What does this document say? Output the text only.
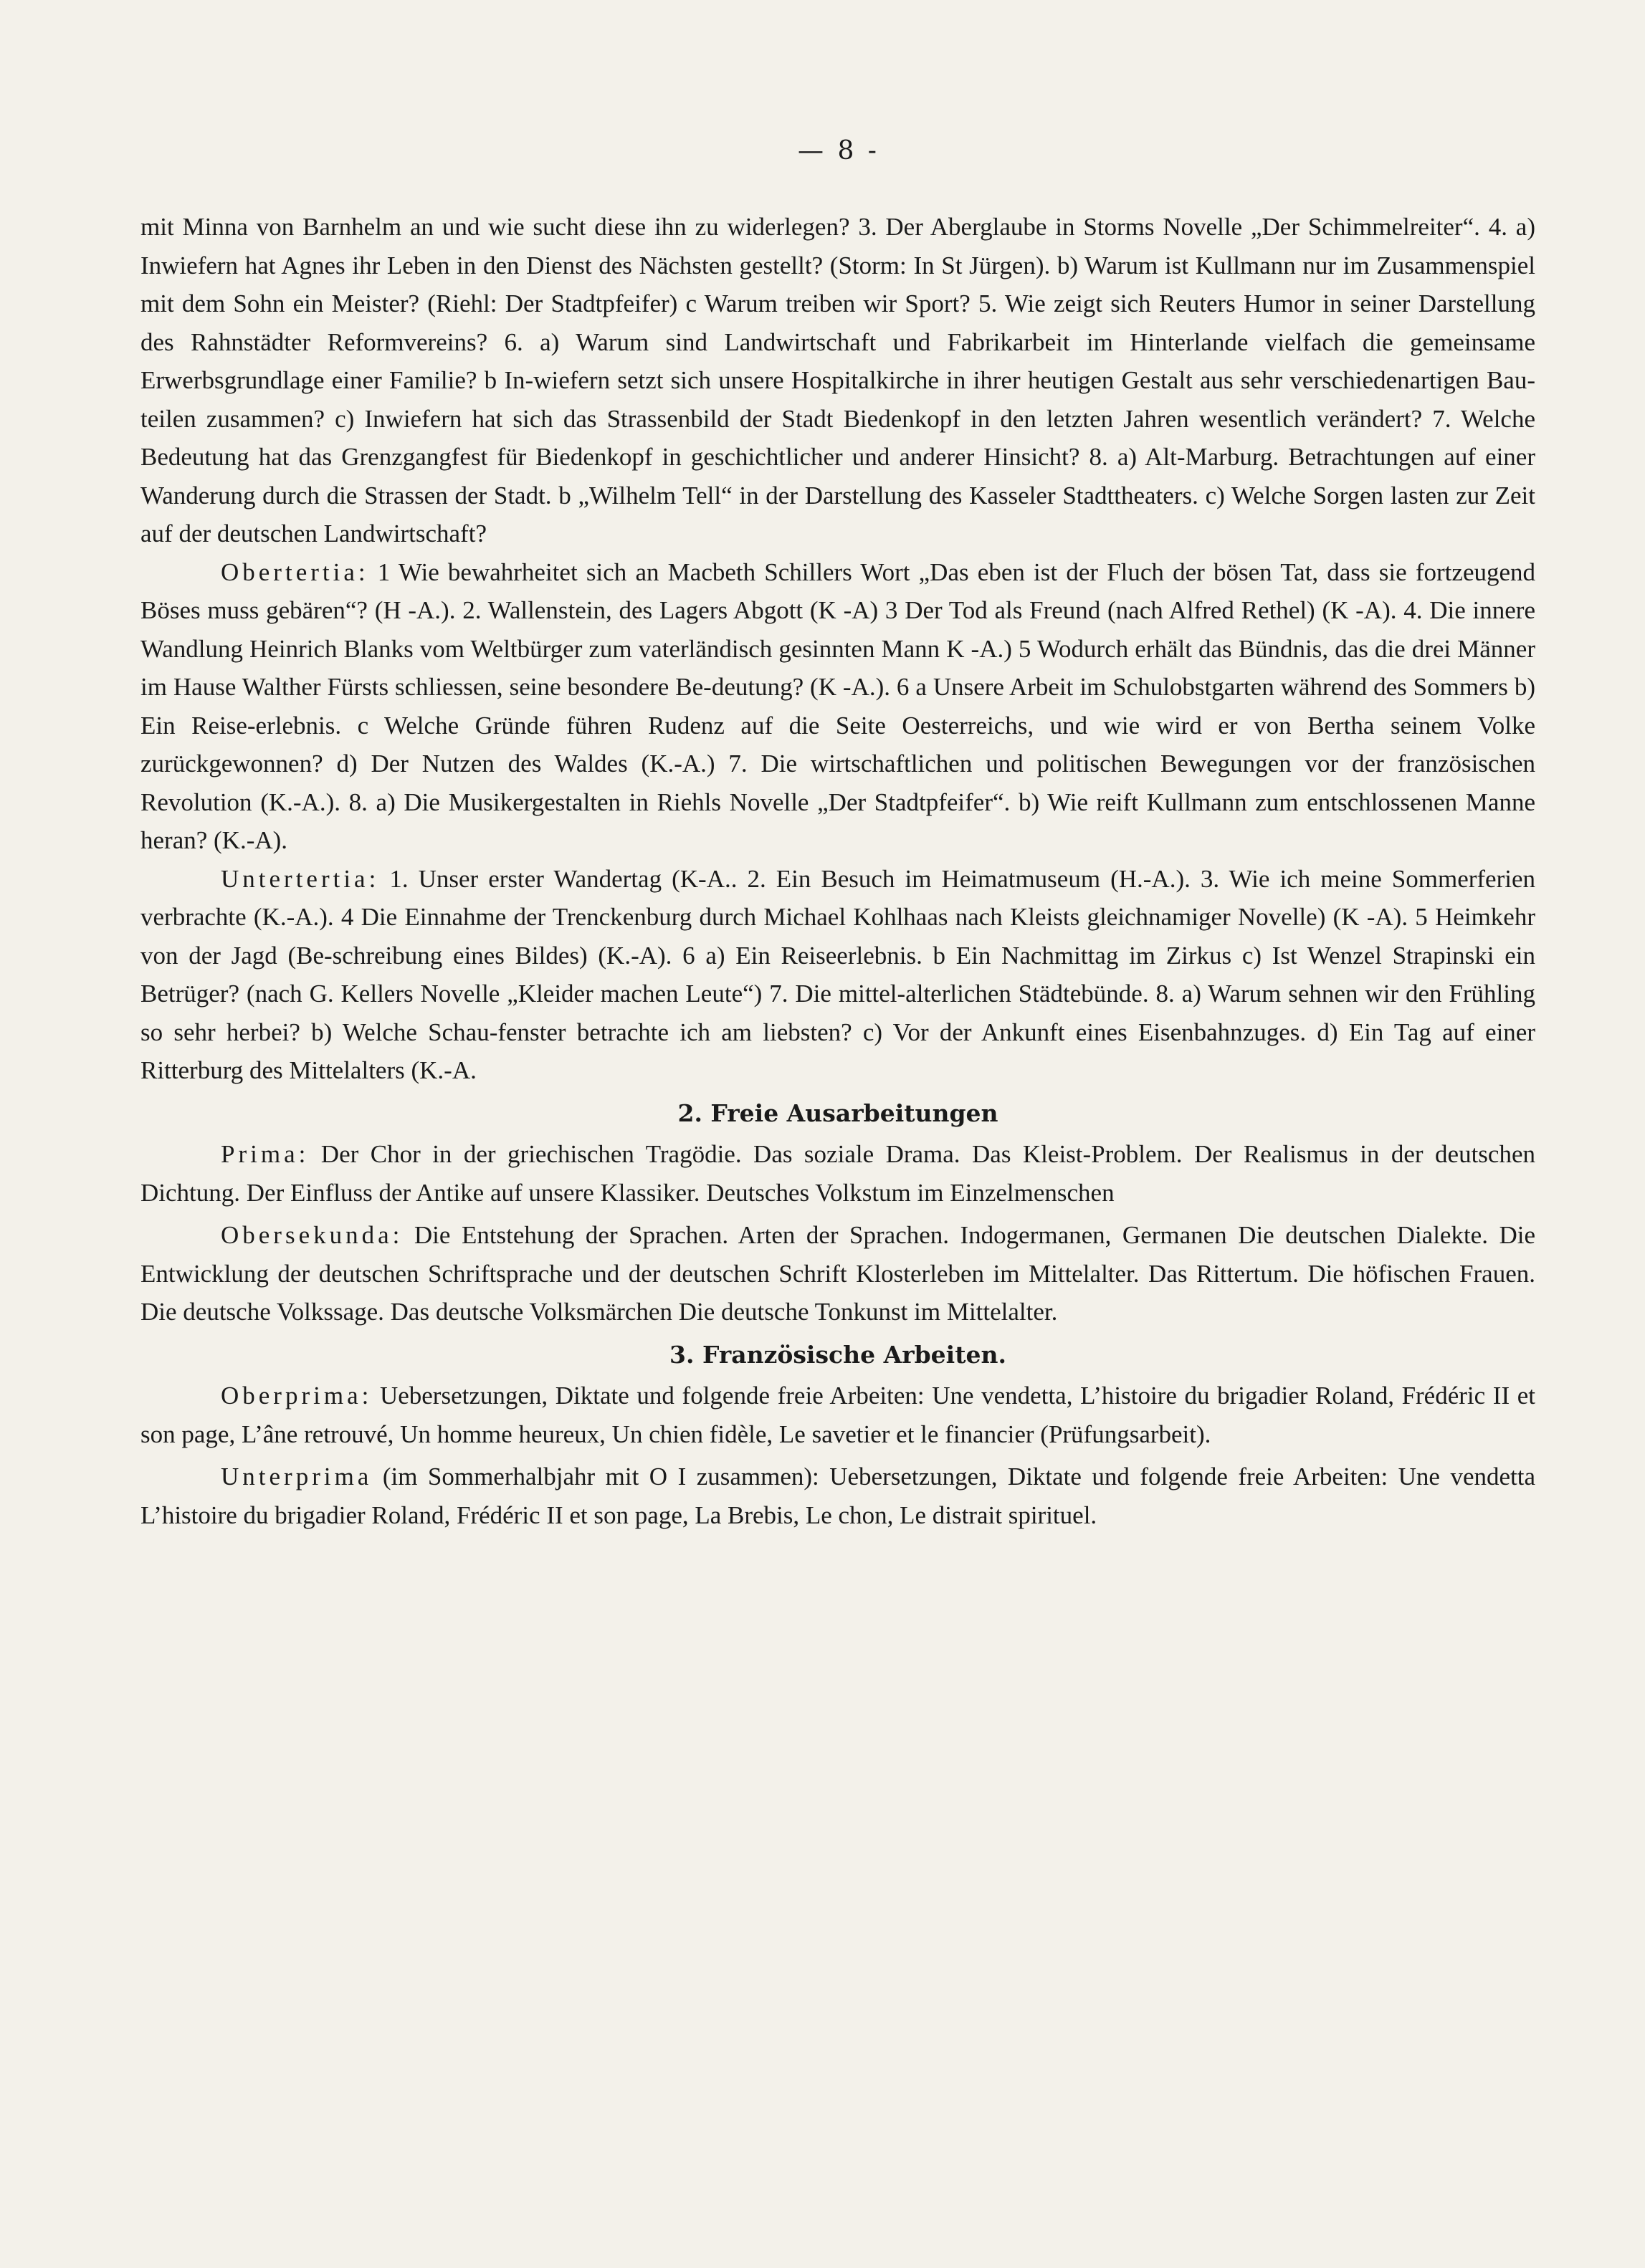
— 8 -

mit Minna von Barnhelm an und wie sucht diese ihn zu widerlegen? 3. Der Aberglaube in Storms Novelle „Der Schimmelreiter“. 4. a) Inwiefern hat Agnes ihr Leben in den Dienst des Nächsten gestellt? (Storm: In St Jürgen). b) Warum ist Kullmann nur im Zusammenspiel mit dem Sohn ein Meister? (Riehl: Der Stadtpfeifer) c Warum treiben wir Sport? 5. Wie zeigt sich Reuters Humor in seiner Darstellung des Rahnstädter Reformvereins? 6. a) Warum sind Landwirtschaft und Fabrikarbeit im Hinterlande vielfach die gemeinsame Erwerbsgrundlage einer Familie? b In-wiefern setzt sich unsere Hospitalkirche in ihrer heutigen Gestalt aus sehr verschiedenartigen Bau-teilen zusammen? c) Inwiefern hat sich das Strassenbild der Stadt Biedenkopf in den letzten Jahren wesentlich verändert? 7. Welche Bedeutung hat das Grenzgangfest für Biedenkopf in geschichtlicher und anderer Hinsicht? 8. a) Alt-Marburg. Betrachtungen auf einer Wanderung durch die Strassen der Stadt. b „Wilhelm Tell“ in der Darstellung des Kasseler Stadttheaters. c) Welche Sorgen lasten zur Zeit auf der deutschen Landwirtschaft?

Obertertia: 1 Wie bewahrheitet sich an Macbeth Schillers Wort „Das eben ist der Fluch der bösen Tat, dass sie fortzeugend Böses muss gebären“? (H -A.). 2. Wallenstein, des Lagers Abgott (K -A) 3 Der Tod als Freund (nach Alfred Rethel) (K -A). 4. Die innere Wandlung Heinrich Blanks vom Weltbürger zum vaterländisch gesinnten Mann K -A.) 5 Wodurch erhält das Bündnis, das die drei Männer im Hause Walther Fürsts schliessen, seine besondere Be-deutung? (K -A.). 6 a Unsere Arbeit im Schulobstgarten während des Sommers b) Ein Reise-erlebnis. c Welche Gründe führen Rudenz auf die Seite Oesterreichs, und wie wird er von Bertha seinem Volke zurückgewonnen? d) Der Nutzen des Waldes (K.-A.) 7. Die wirtschaftlichen und politischen Bewegungen vor der französischen Revolution (K.-A.). 8. a) Die Musikergestalten in Riehls Novelle „Der Stadtpfeifer“. b) Wie reift Kullmann zum entschlossenen Manne heran? (K.-A).

Untertertia: 1. Unser erster Wandertag (K-A.. 2. Ein Besuch im Heimatmuseum (H.-A.). 3. Wie ich meine Sommerferien verbrachte (K.-A.). 4 Die Einnahme der Trenckenburg durch Michael Kohlhaas nach Kleists gleichnamiger Novelle) (K -A). 5 Heimkehr von der Jagd (Be-schreibung eines Bildes) (K.-A). 6 a) Ein Reiseerlebnis. b Ein Nachmittag im Zirkus c) Ist Wenzel Strapinski ein Betrüger? (nach G. Kellers Novelle „Kleider machen Leute“) 7. Die mittel-alterlichen Städtebünde. 8. a) Warum sehnen wir den Frühling so sehr herbei? b) Welche Schau-fenster betrachte ich am liebsten? c) Vor der Ankunft eines Eisenbahnzuges. d) Ein Tag auf einer Ritterburg des Mittelalters (K.-A.

2. Freie Ausarbeitungen

Prima: Der Chor in der griechischen Tragödie. Das soziale Drama. Das Kleist-Problem. Der Realismus in der deutschen Dichtung. Der Einfluss der Antike auf unsere Klassiker. Deutsches Volkstum im Einzelmenschen

Obersekunda: Die Entstehung der Sprachen. Arten der Sprachen. Indogermanen, Germanen Die deutschen Dialekte. Die Entwicklung der deutschen Schriftsprache und der deutschen Schrift Klosterleben im Mittelalter. Das Rittertum. Die höfischen Frauen. Die deutsche Volkssage. Das deutsche Volksmärchen Die deutsche Tonkunst im Mittelalter.

3. Französische Arbeiten.

Oberprima: Uebersetzungen, Diktate und folgende freie Arbeiten: Une vendetta, L’histoire du brigadier Roland, Frédéric II et son page, L’âne retrouvé, Un homme heureux, Un chien fidèle, Le savetier et le financier (Prüfungsarbeit).

Unterprima (im Sommerhalbjahr mit O I zusammen): Uebersetzungen, Diktate und folgende freie Arbeiten: Une vendetta L’histoire du brigadier Roland, Frédéric II et son page, La Brebis, Le chon, Le distrait spirituel.
